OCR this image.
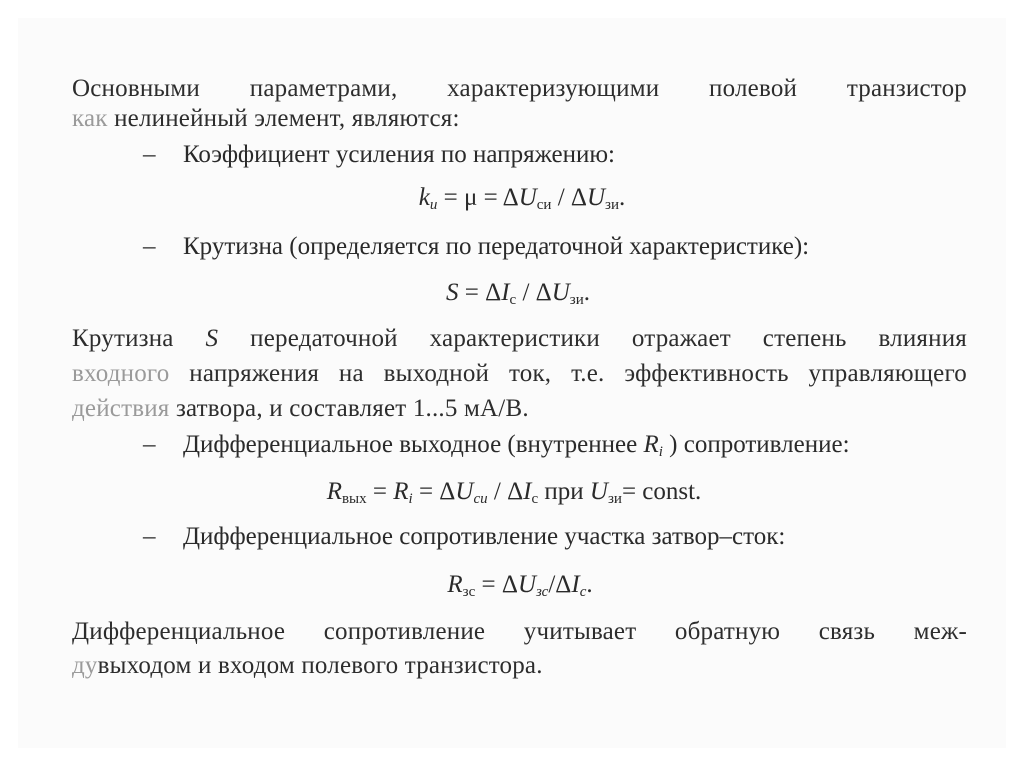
Основными параметрами, характеризующими полевой транзистор
как нелинейный элемент, являются:
– Коэффициент усиления по напряжению:
$k_и = \mu = \Delta U_{си} / \Delta U_{зи}$.
– Крутизна (определяется по передаточной характеристике):
$S = \Delta I_с / \Delta U_{зи}$.
Крутизна S передаточной характеристики отражает степень влияния
входного напряжения на выходной ток, т.е. эффективность управляющего
действия затвора, и составляет 1...5 мА/В.
– Дифференциальное выходное (внутреннее $R_i$ ) сопротивление:
$R_{вых} = R_i = \Delta U_{си} / \Delta I_с$ при $U_{зи}=$ const.
– Дифференциальное сопротивление участка затвор–сток:
$R_{зс} = \Delta U_{зс}/\Delta I_с$.
Дифференциальное сопротивление учитывает обратную связь меж-
дувыходом и входом полевого транзистора.
